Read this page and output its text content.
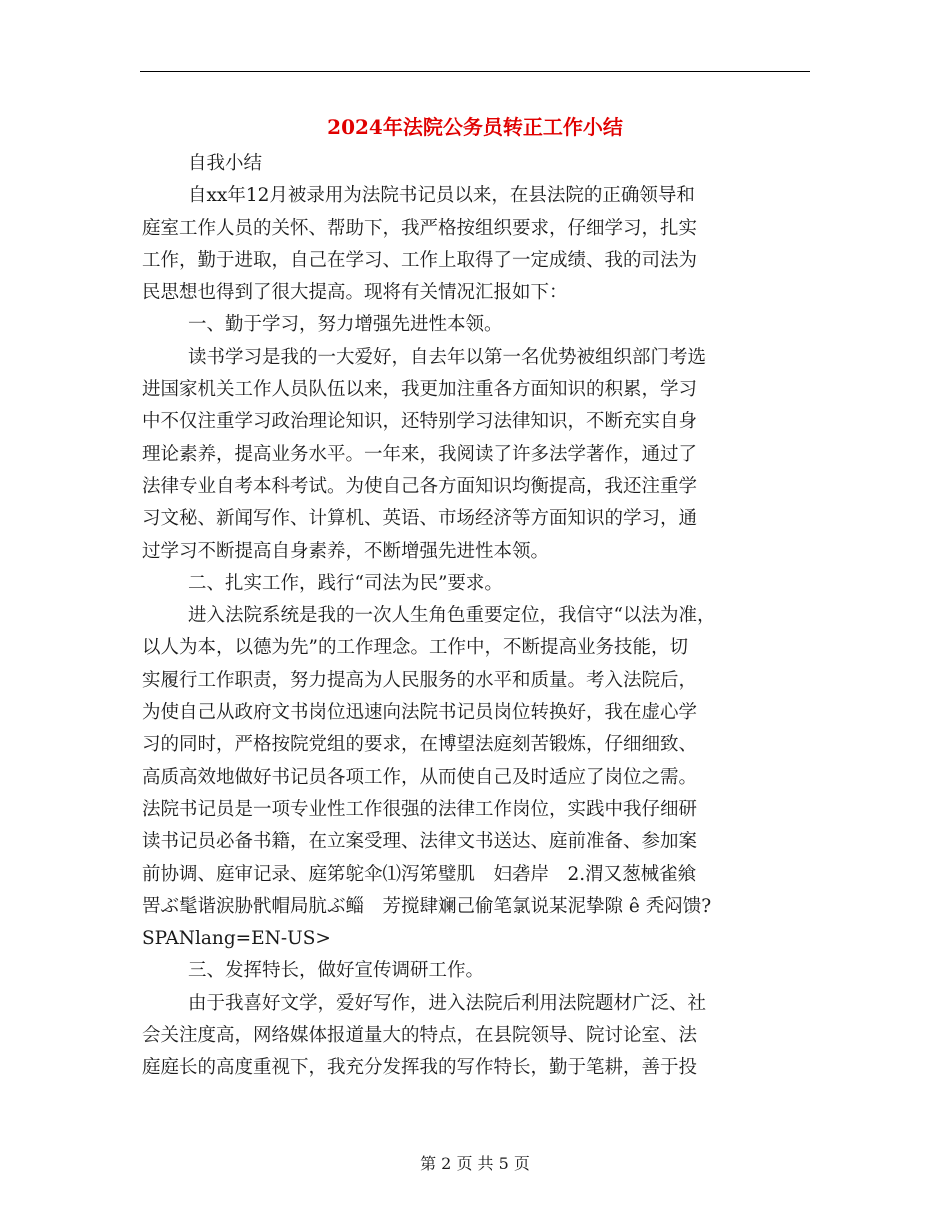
2024年法院公务员转正工作小结
自我小结
自xx年12月被录用为法院书记员以来，在县法院的正确领导和
庭室工作人员的关怀、帮助下，我严格按组织要求，仔细学习，扎实
工作，勤于进取，自己在学习、工作上取得了一定成绩、我的司法为
民思想也得到了很大提高。现将有关情况汇报如下：
一、勤于学习，努力增强先进性本领。
读书学习是我的一大爱好，自去年以第一名优势被组织部门考选
进国家机关工作人员队伍以来，我更加注重各方面知识的积累，学习
中不仅注重学习政治理论知识，还特别学习法律知识，不断充实自身
理论素养，提高业务水平。一年来，我阅读了许多法学著作，通过了
法律专业自考本科考试。为使自己各方面知识均衡提高，我还注重学
习文秘、新闻写作、计算机、英语、市场经济等方面知识的学习，通
过学习不断提高自身素养，不断增强先进性本领。
二、扎实工作，践行“司法为民”要求。
进入法院系统是我的一次人生角色重要定位，我信守“以法为准，
以人为本，以德为先”的工作理念。工作中，不断提高业务技能，切
实履行工作职责，努力提高为人民服务的水平和质量。考入法院后，
为使自己从政府文书岗位迅速向法院书记员岗位转换好，我在虚心学
习的同时，严格按院党组的要求，在博望法庭刻苦锻炼，仔细细致、
高质高效地做好书记员各项工作，从而使自己及时适应了岗位之需。
法院书记员是一项专业性工作很强的法律工作岗位，实践中我仔细研
读书记员必备书籍，在立案受理、法律文书送达、庭前准备、参加案
前协调、庭审记录、庭笫鸵伞⑴泻笫璧肌　妇砻岸　2.渭又葱械雀飨
罟ぶ髦谐涙胁骮帽局肮ぶ鲻　芳搅肆斓己偷笔氯说某泥挚隙 ê 秃闷馈?
SPANlang=EN-US>
三、发挥特长，做好宣传调研工作。
由于我喜好文学，爱好写作，进入法院后利用法院题材广泛、社
会关注度高，网络媒体报道量大的特点，在县院领导、院讨论室、法
庭庭长的高度重视下，我充分发挥我的写作特长，勤于笔耕，善于投
第 2 页 共 5 页
